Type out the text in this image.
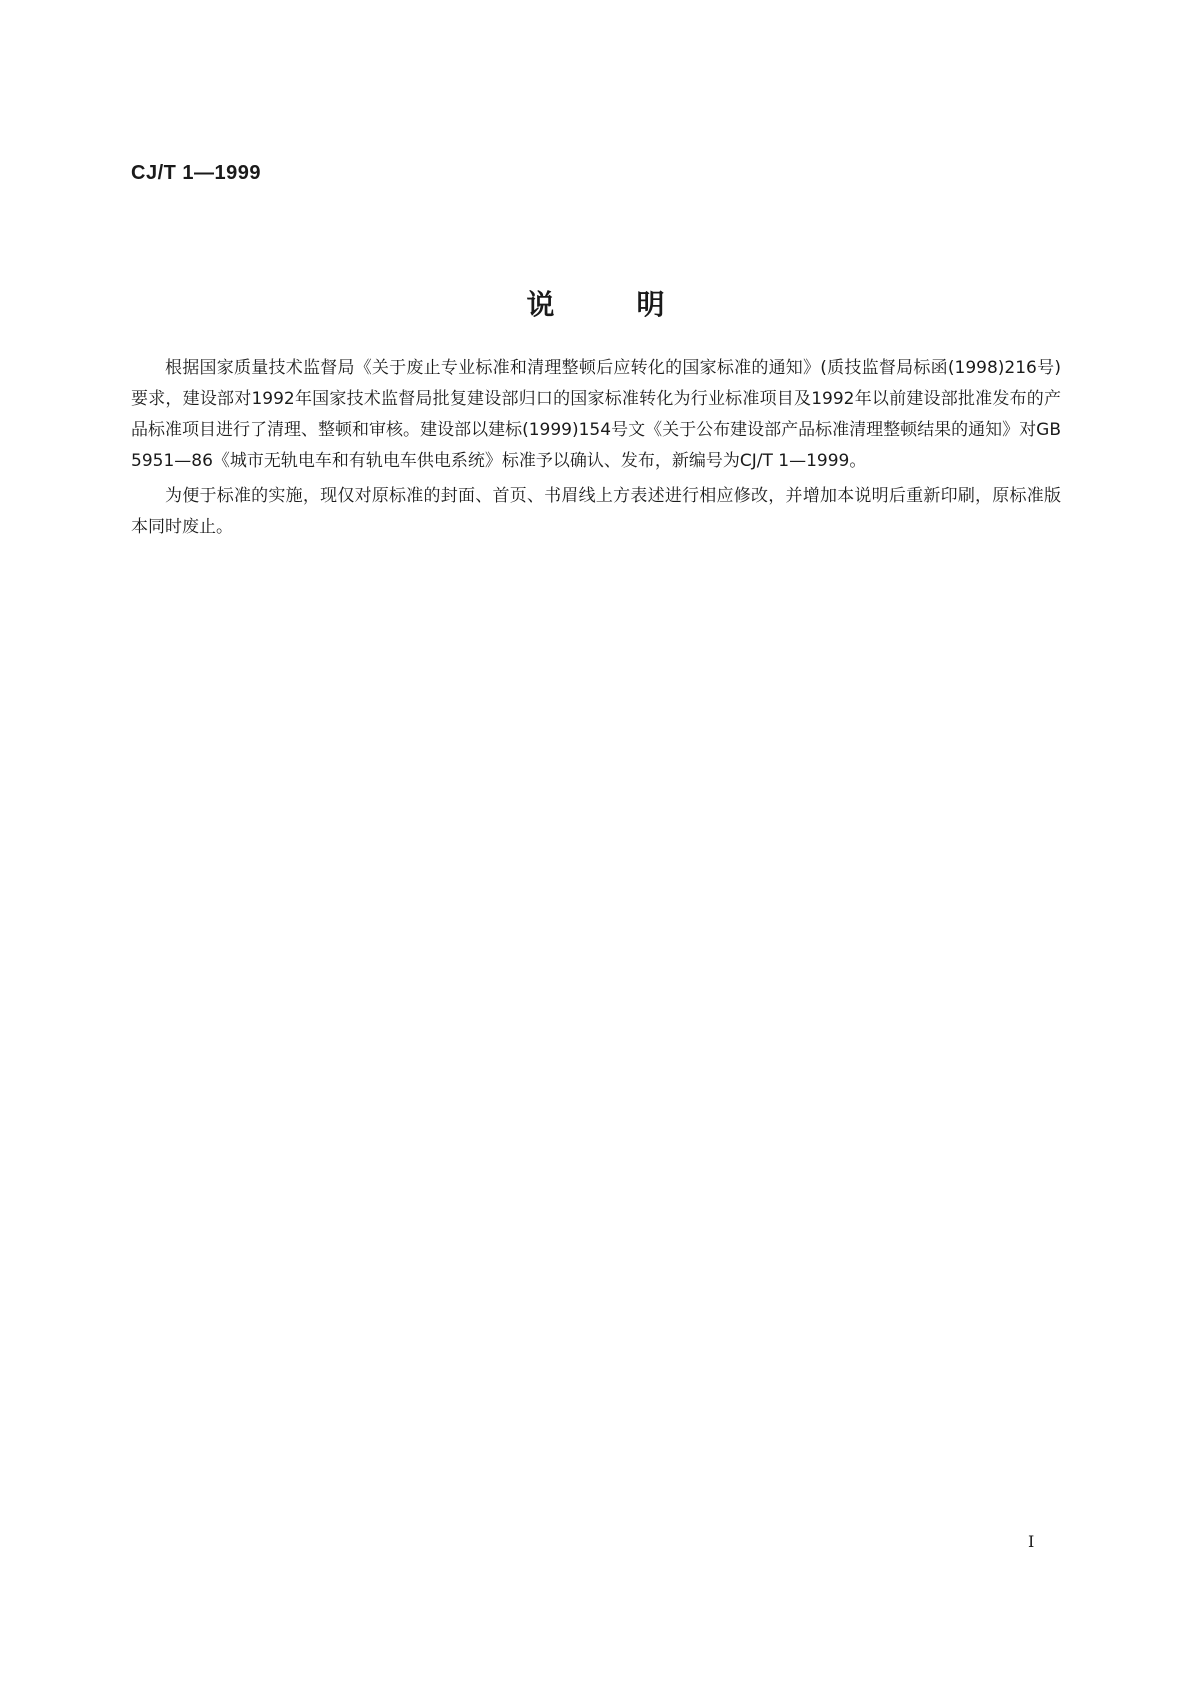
CJ/T 1—1999
说明

根据国家质量技术监督局《关于废止专业标准和清理整顿后应转化的国家标准的通知》(质技监督局标函(1998)216号)要求，建设部对1992年国家技术监督局批复建设部归口的国家标准转化为行业标准项目及1992年以前建设部批准发布的产品标准项目进行了清理、整顿和审核。建设部以建标(1999)154号文《关于公布建设部产品标准清理整顿结果的通知》对GB 5951—86《城市无轨电车和有轨电车供电系统》标准予以确认、发布，新编号为CJ/T 1—1999。

为便于标准的实施，现仅对原标准的封面、首页、书眉线上方表述进行相应修改，并增加本说明后重新印刷，原标准版本同时废止。

I
